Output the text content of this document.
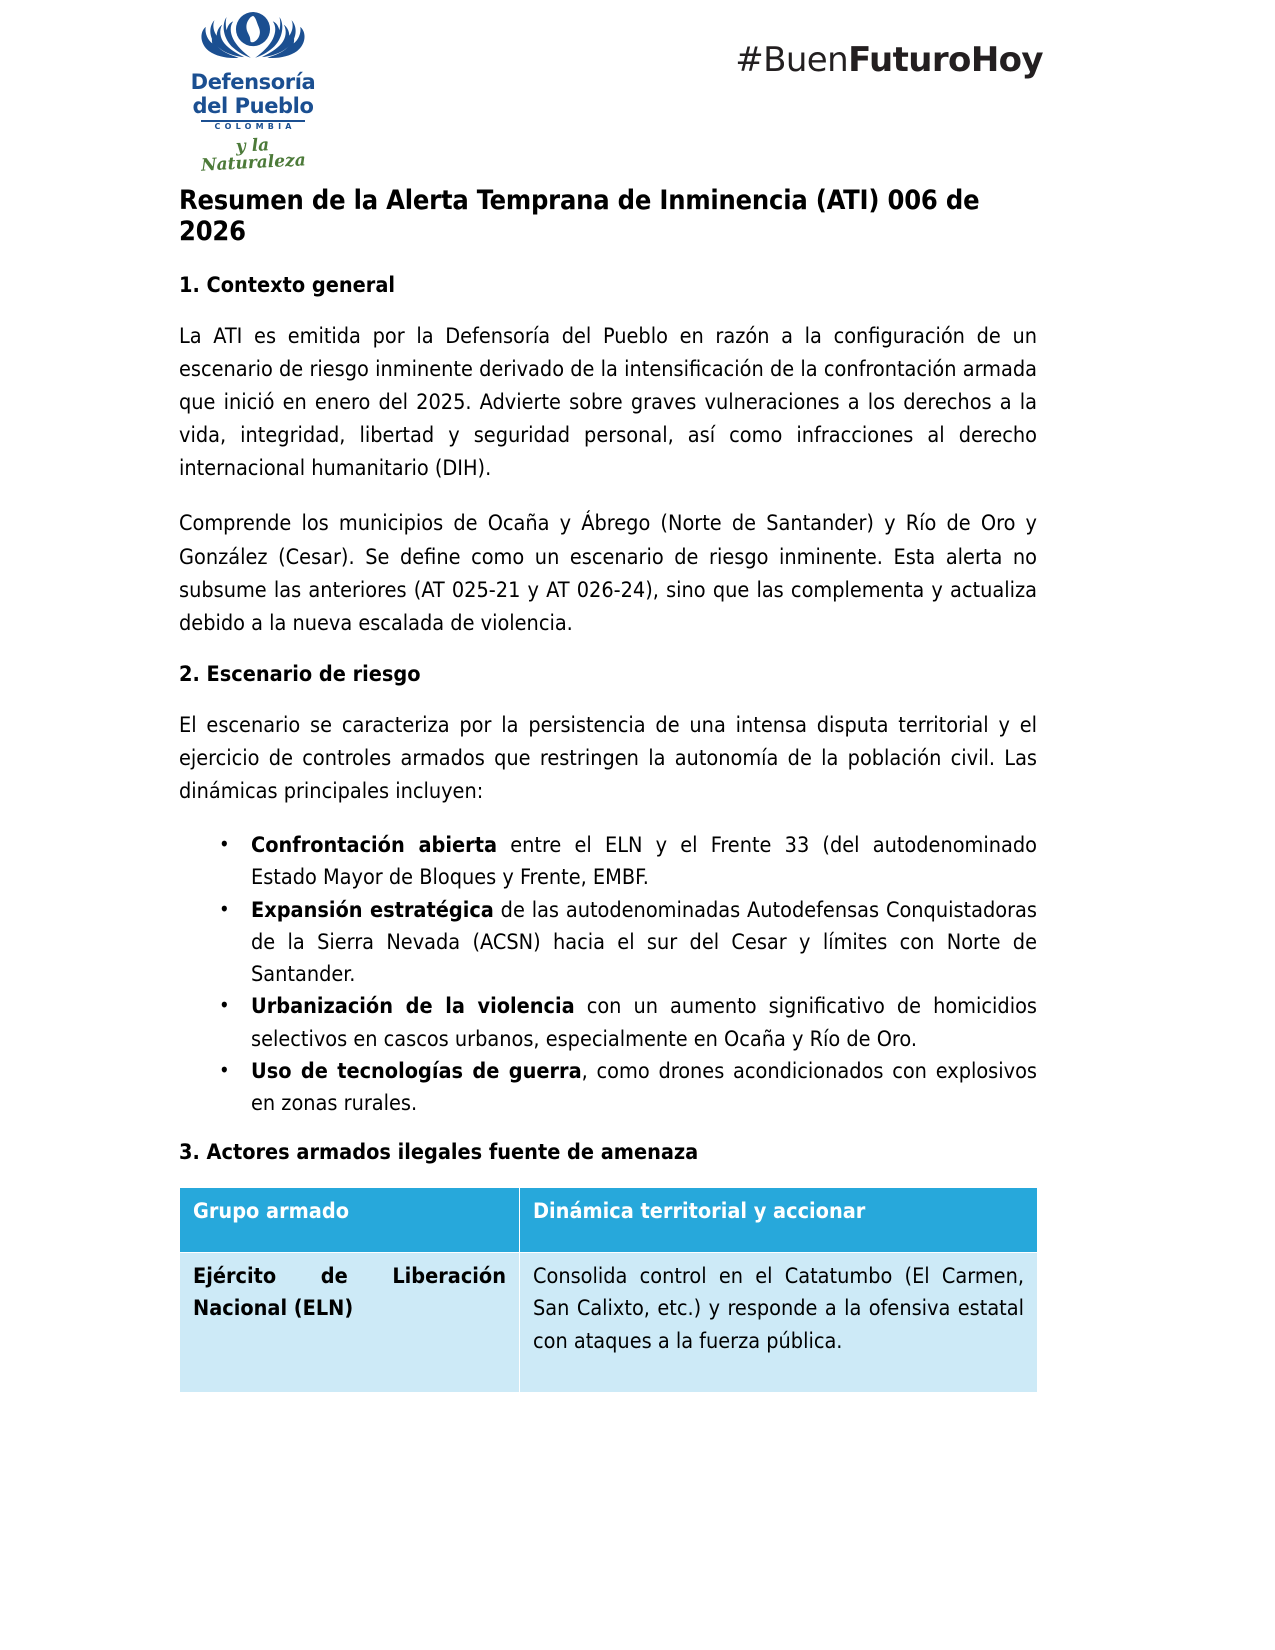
Defensoría
del Pueblo
COLOMBIA
y la Naturaleza
#BuenFuturoHoy
Resumen de la Alerta Temprana de Inminencia (ATI) 006 de 2026
1. Contexto general

La ATI es emitida por la Defensoría del Pueblo en razón a la configuración de un escenario de riesgo inminente derivado de la intensificación de la confrontación armada que inició en enero del 2025. Advierte sobre graves vulneraciones a los derechos a la vida, integridad, libertad y seguridad personal, así como infracciones al derecho internacional humanitario (DIH).

Comprende los municipios de Ocaña y Ábrego (Norte de Santander) y Río de Oro y González (Cesar). Se define como un escenario de riesgo inminente. Esta alerta no subsume las anteriores (AT 025-21 y AT 026-24), sino que las complementa y actualiza debido a la nueva escalada de violencia.

2. Escenario de riesgo

El escenario se caracteriza por la persistencia de una intensa disputa territorial y el ejercicio de controles armados que restringen la autonomía de la población civil. Las dinámicas principales incluyen:

• Confrontación abierta entre el ELN y el Frente 33 (del autodenominado Estado Mayor de Bloques y Frente, EMBF.
• Expansión estratégica de las autodenominadas Autodefensas Conquistadoras de la Sierra Nevada (ACSN) hacia el sur del Cesar y límites con Norte de Santander.
• Urbanización de la violencia con un aumento significativo de homicidios selectivos en cascos urbanos, especialmente en Ocaña y Río de Oro.
• Uso de tecnologías de guerra, como drones acondicionados con explosivos en zonas rurales.
3. Actores armados ilegales fuente de amenaza
Grupo armado	Dinámica territorial y accionar
Ejército de Liberación Nacional (ELN)	Consolida control en el Catatumbo (El Carmen, San Calixto, etc.) y responde a la ofensiva estatal con ataques a la fuerza pública.
